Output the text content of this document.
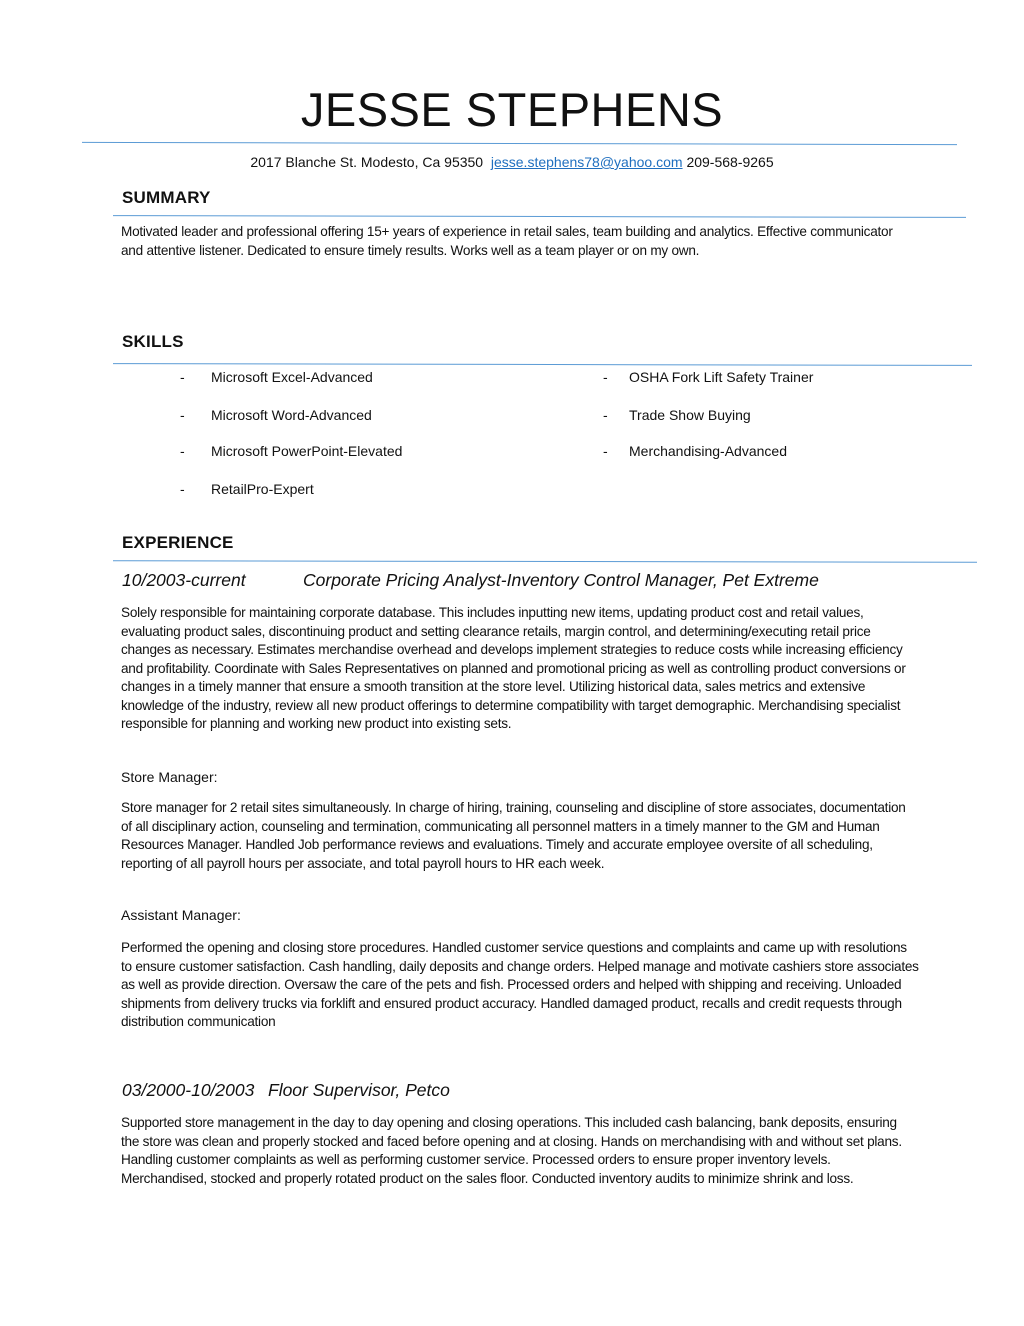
JESSE STEPHENS
2017 Blanche St. Modesto, Ca 95350 jesse.stephens78@yahoo.com 209-568-9265
SUMMARY
Motivated leader and professional offering 15+ years of experience in retail sales, team building and analytics. Effective communicator and attentive listener. Dedicated to ensure timely results. Works well as a team player or on my own.
SKILLS
- Microsoft Excel-Advanced
- Microsoft Word-Advanced
- Microsoft PowerPoint-Elevated
- RetailPro-Expert
- OSHA Fork Lift Safety Trainer
- Trade Show Buying
- Merchandising-Advanced
EXPERIENCE
10/2003-current	Corporate Pricing Analyst-Inventory Control Manager, Pet Extreme
Solely responsible for maintaining corporate database. This includes inputting new items, updating product cost and retail values, evaluating product sales, discontinuing product and setting clearance retails, margin control, and determining/executing retail price changes as necessary. Estimates merchandise overhead and develops implement strategies to reduce costs while increasing efficiency and profitability. Coordinate with Sales Representatives on planned and promotional pricing as well as controlling product conversions or changes in a timely manner that ensure a smooth transition at the store level. Utilizing historical data, sales metrics and extensive knowledge of the industry, review all new product offerings to determine compatibility with target demographic. Merchandising specialist responsible for planning and working new product into existing sets.
Store Manager:
Store manager for 2 retail sites simultaneously. In charge of hiring, training, counseling and discipline of store associates, documentation of all disciplinary action, counseling and termination, communicating all personnel matters in a timely manner to the GM and Human Resources Manager. Handled Job performance reviews and evaluations. Timely and accurate employee oversite of all scheduling, reporting of all payroll hours per associate, and total payroll hours to HR each week.
Assistant Manager:
Performed the opening and closing store procedures. Handled customer service questions and complaints and came up with resolutions to ensure customer satisfaction. Cash handling, daily deposits and change orders. Helped manage and motivate cashiers store associates as well as provide direction. Oversaw the care of the pets and fish. Processed orders and helped with shipping and receiving. Unloaded shipments from delivery trucks via forklift and ensured product accuracy. Handled damaged product, recalls and credit requests through distribution communication
03/2000-10/2003 Floor Supervisor, Petco
Supported store management in the day to day opening and closing operations. This included cash balancing, bank deposits, ensuring the store was clean and properly stocked and faced before opening and at closing. Hands on merchandising with and without set plans. Handling customer complaints as well as performing customer service. Processed orders to ensure proper inventory levels. Merchandised, stocked and properly rotated product on the sales floor. Conducted inventory audits to minimize shrink and loss.
